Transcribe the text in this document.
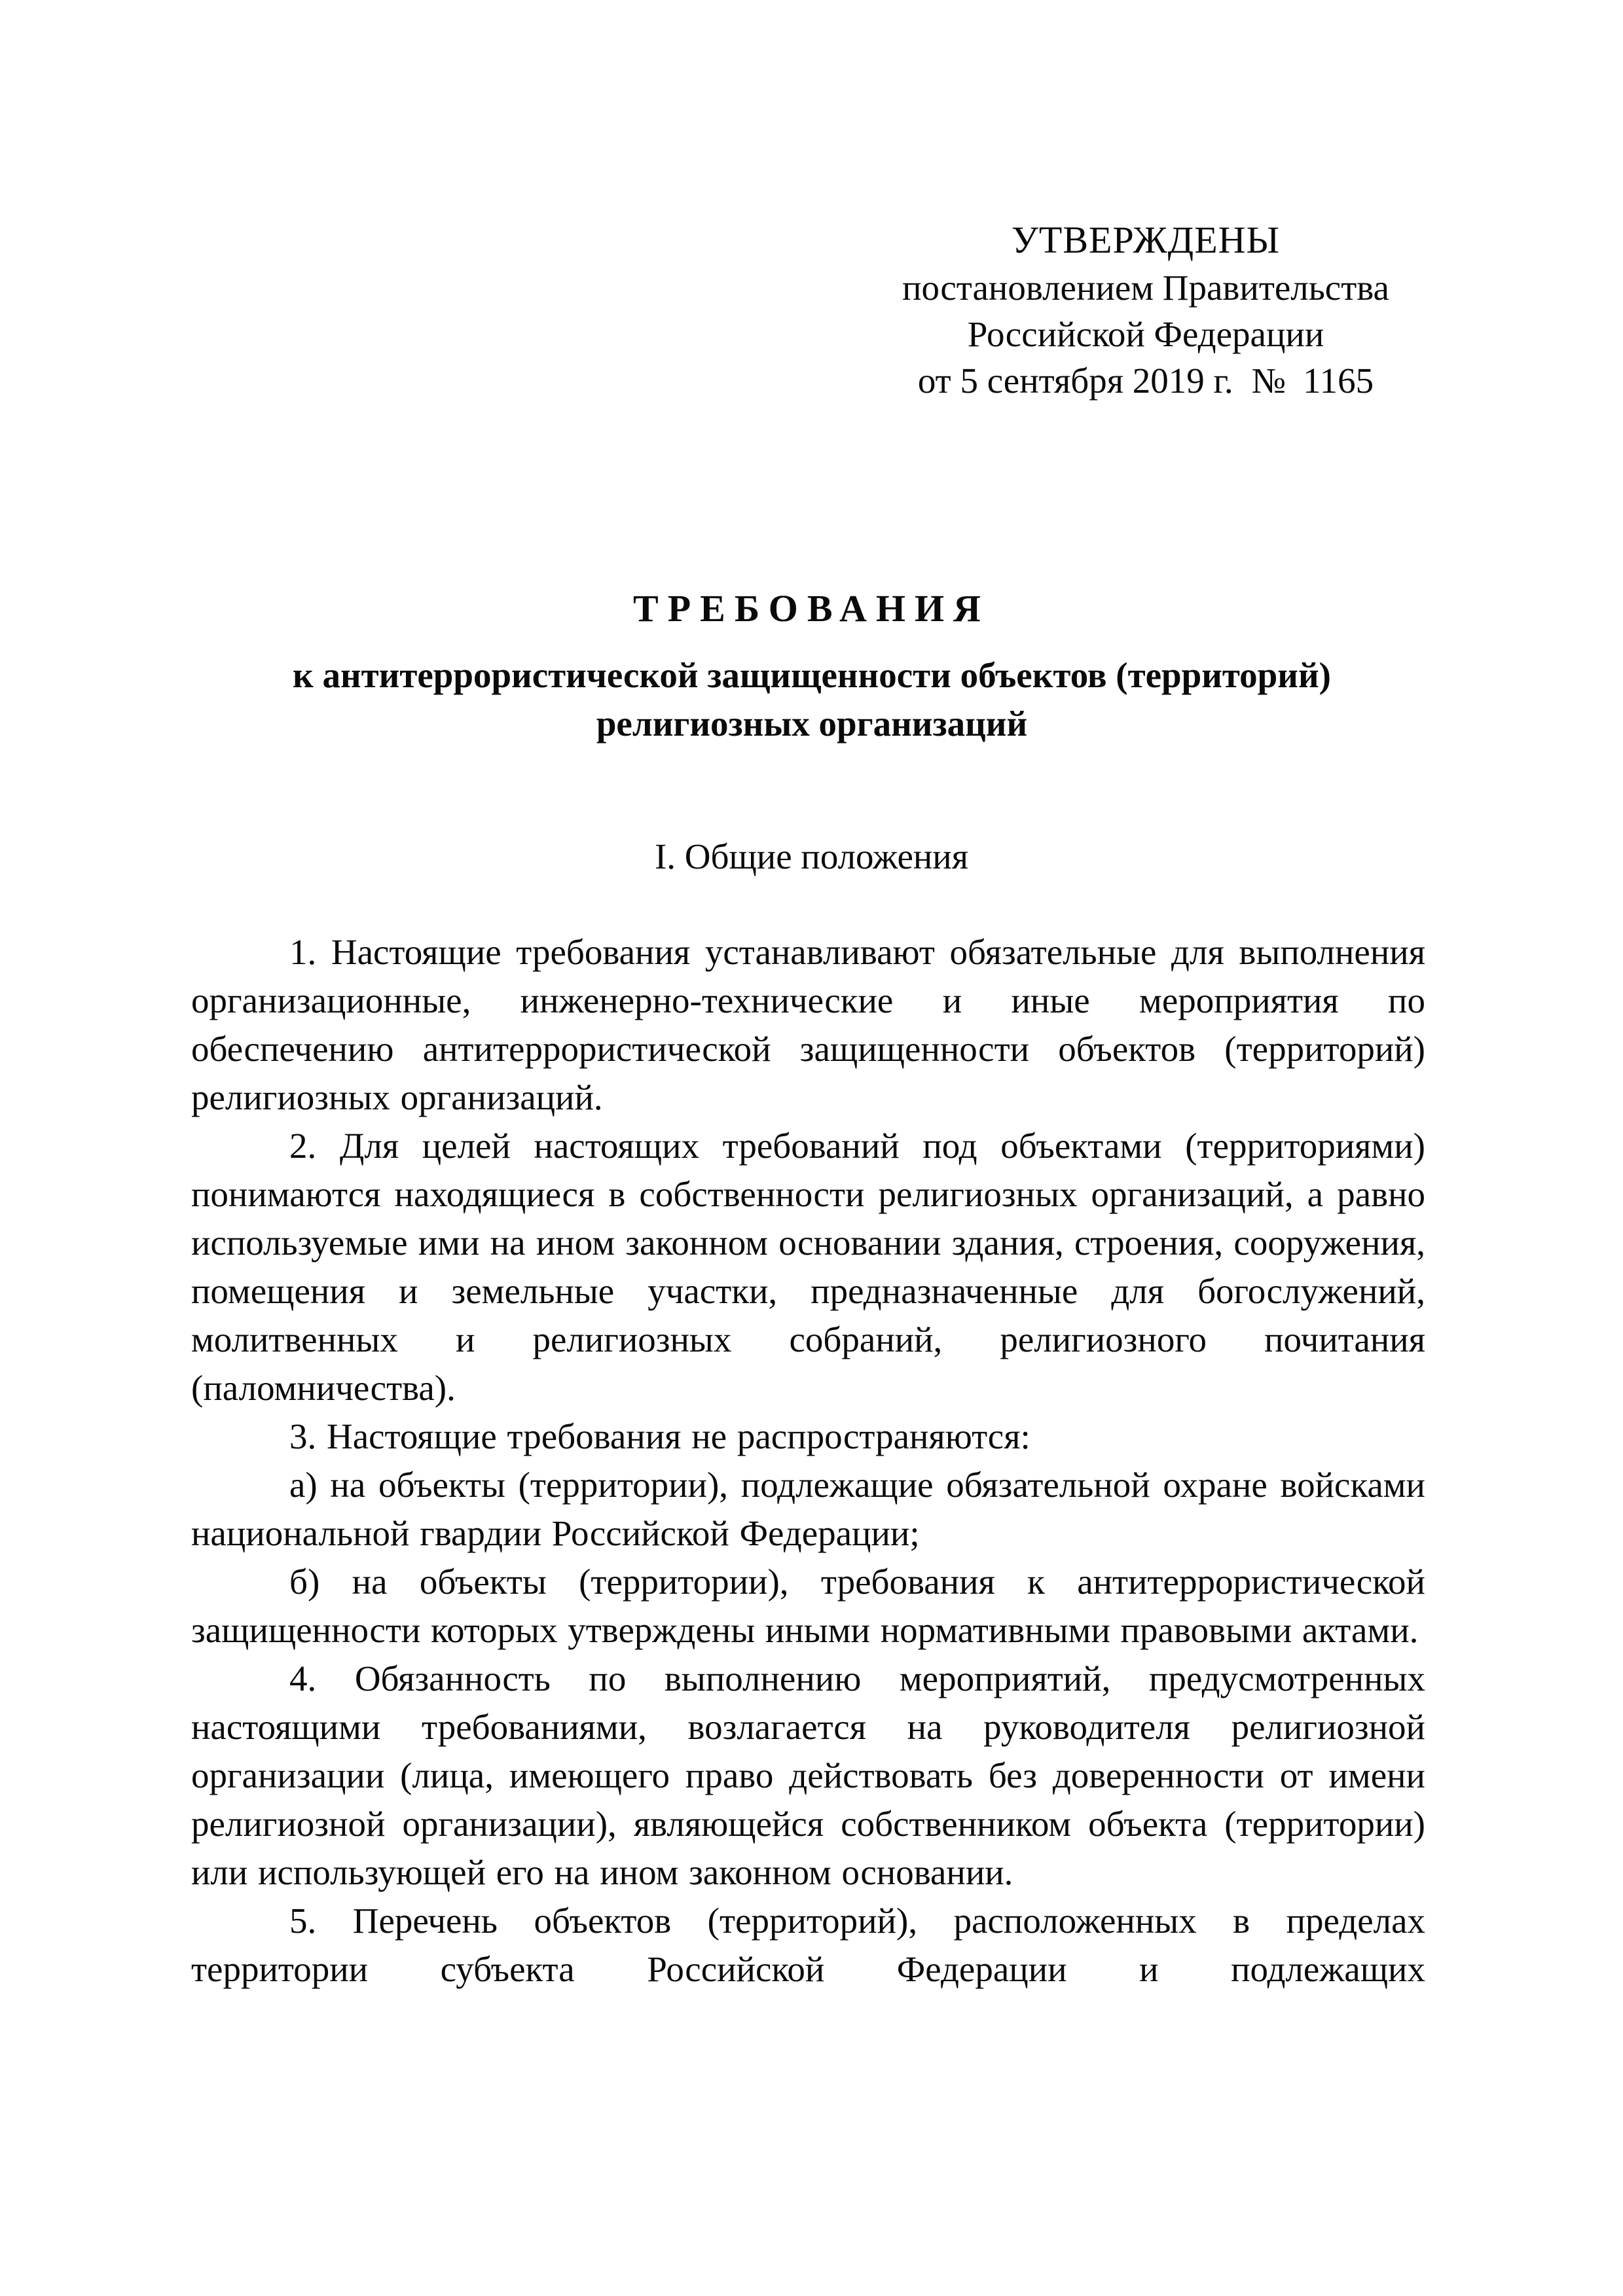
УТВЕРЖДЕНЫ
постановлением Правительства
Российской Федерации
от 5 сентября 2019 г. № 1165
ТРЕБОВАНИЯ
к антитеррористической защищенности объектов (территорий)
религиозных организаций
I. Общие положения

1. Настоящие требования устанавливают обязательные для выполнения организационные, инженерно-технические и иные мероприятия по обеспечению антитеррористической защищенности объектов (территорий) религиозных организаций.

2. Для целей настоящих требований под объектами (территориями) понимаются находящиеся в собственности религиозных организаций, а равно используемые ими на ином законном основании здания, строения, сооружения, помещения и земельные участки, предназначенные для богослужений, молитвенных и религиозных собраний, религиозного почитания (паломничества).

3. Настоящие требования не распространяются:

а) на объекты (территории), подлежащие обязательной охране войсками национальной гвардии Российской Федерации;

б) на объекты (территории), требования к антитеррористической защищенности которых утверждены иными нормативными правовыми актами.

4. Обязанность по выполнению мероприятий, предусмотренных настоящими требованиями, возлагается на руководителя религиозной организации (лица, имеющего право действовать без доверенности от имени религиозной организации), являющейся собственником объекта (территории) или использующей его на ином законном основании.

5. Перечень объектов (территорий), расположенных в пределах территории субъекта Российской Федерации и подлежащих
